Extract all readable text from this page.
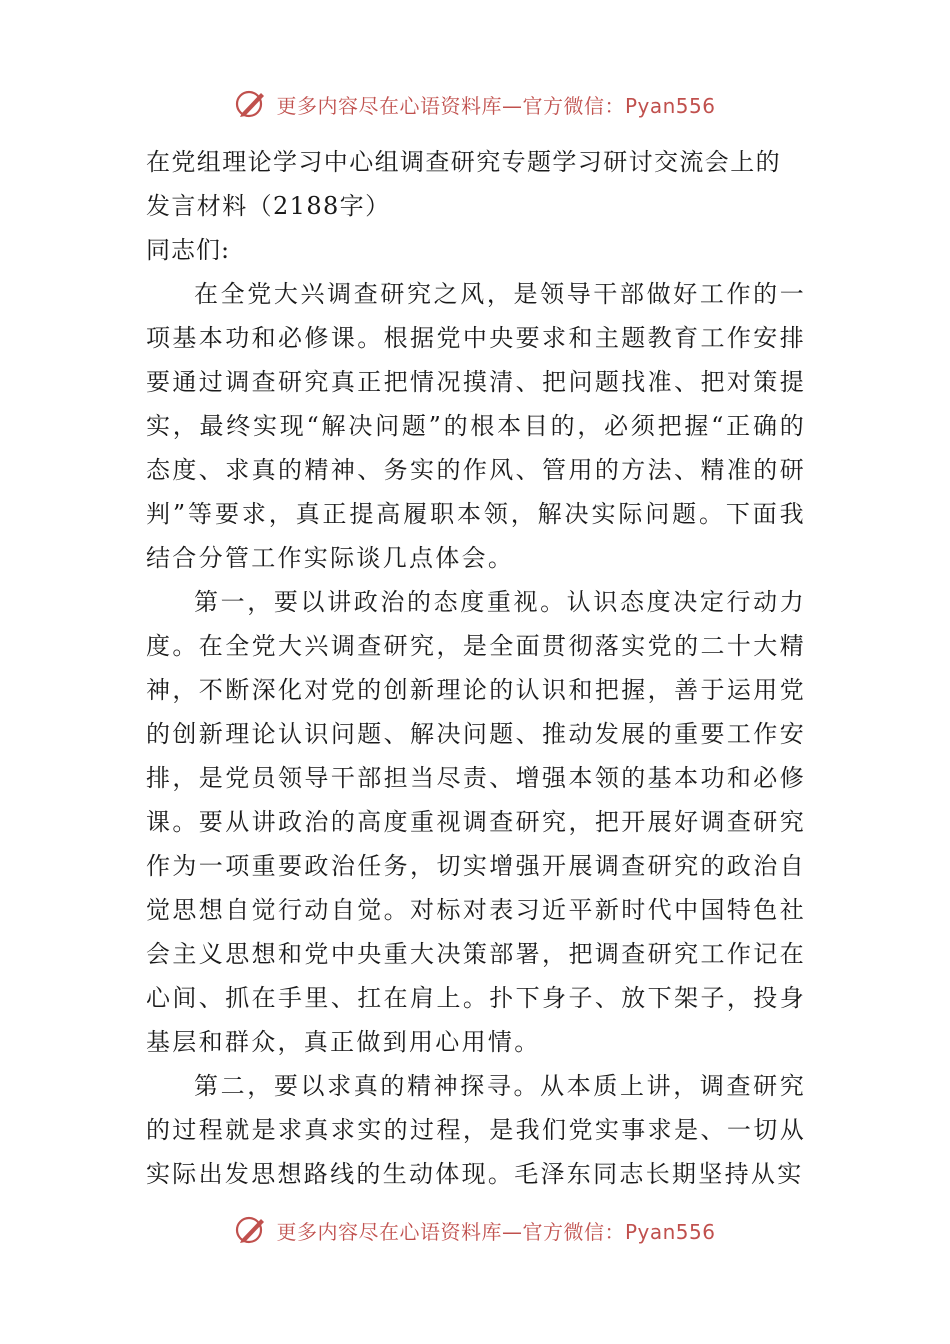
更多内容尽在心语资料库—官方微信：Pyan556

在党组理论学习中心组调查研究专题学习研讨交流会上的

发言材料（2188字）

同志们:

在全党大兴调查研究之风，是领导干部做好工作的一项基本功和必修课。根据党中央要求和主题教育工作安排要通过调查研究真正把情况摸清、把问题找准、把对策提实，最终实现“解决问题”的根本目的，必须把握“正确的态度、求真的精神、务实的作风、管用的方法、精准的研判”等要求，真正提高履职本领，解决实际问题。下面我结合分管工作实际谈几点体会。

第一，要以讲政治的态度重视。认识态度决定行动力度。在全党大兴调查研究，是全面贯彻落实党的二十大精神，不断深化对党的创新理论的认识和把握，善于运用党的创新理论认识问题、解决问题、推动发展的重要工作安排，是党员领导干部担当尽责、增强本领的基本功和必修课。要从讲政治的高度重视调查研究，把开展好调查研究作为一项重要政治任务，切实增强开展调查研究的政治自觉思想自觉行动自觉。对标对表习近平新时代中国特色社会主义思想和党中央重大决策部署，把调查研究工作记在心间、抓在手里、扛在肩上。扑下身子、放下架子，投身基层和群众，真正做到用心用情。

第二，要以求真的精神探寻。从本质上讲，调查研究的过程就是求真求实的过程，是我们党实事求是、一切从实际出发思想路线的生动体现。毛泽东同志长期坚持从实

更多内容尽在心语资料库—官方微信：Pyan556
